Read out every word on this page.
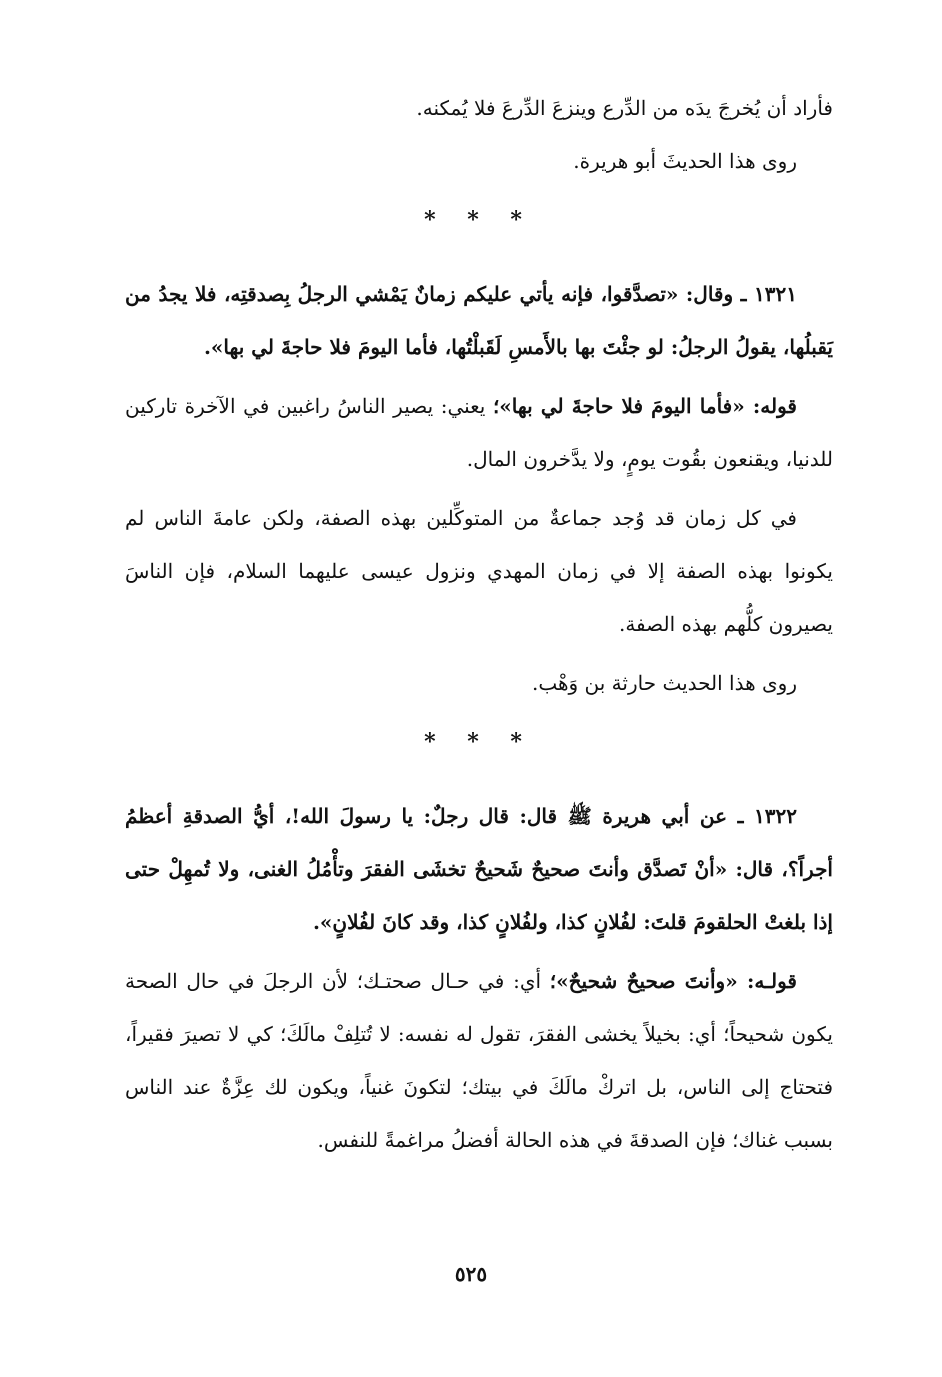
فأراد أن يُخرجَ يدَه من الدِّرع وينزعَ الدِّرعَ فلا يُمكنه.

روى هذا الحديثَ أبو هريرة.

* * *

١٣٢١ ـ وقال: «تصدَّقوا، فإنه يأتي عليكم زمانٌ يَمْشي الرجلُ بِصدقتِه، فلا يجدُ من يَقبلُها، يقولُ الرجلُ: لو جئْتَ بها بالأَمسِ لَقَبلْتُها، فأما اليومَ فلا حاجةَ لي بها».

قوله: «فأما اليومَ فلا حاجةَ لي بها»؛ يعني: يصير الناسُ راغبين في الآخرة تاركين للدنيا، ويقنعون بقُوت يومٍ، ولا يدَّخرون المال.

في كل زمان قد وُجد جماعةٌ من المتوكِّلين بهذه الصفة، ولكن عامةَ الناس لم يكونوا بهذه الصفة إلا في زمان المهدي ونزول عيسى عليهما السلام، فإن الناسَ يصيرون كلُّهم بهذه الصفة.

روى هذا الحديث حارثة بن وَهْب.

* * *

١٣٢٢ ـ عن أبي هريرة ﷺ قال: قال رجلٌ: يا رسولَ الله!، أيُّ الصدقةِ أعظمُ أجراً؟، قال: «أنْ تَصدَّق وأنتَ صحيحٌ شَحيحٌ تخشَى الفقرَ وتأْمُلُ الغنى، ولا تُمهِلْ حتى إذا بلغتْ الحلقومَ قلتَ: لفُلانٍ كذا، ولفُلانٍ كذا، وقد كانَ لفُلانٍ».

قولـه: «وأنتَ صحيحٌ شحيحٌ»؛ أي: في حـال صحتـك؛ لأن الرجلَ في حال الصحة يكون شحيحاً؛ أي: بخيلاً يخشى الفقرَ، تقول له نفسه: لا تُتلِفْ مالَكَ؛ كي لا تصيرَ فقيراً، فتحتاج إلى الناس، بل اتركْ مالَكَ في بيتك؛ لتكونَ غنياً، ويكون لك عِزَّةٌ عند الناس بسبب غناك؛ فإن الصدقةَ في هذه الحالة أفضلُ مراغمةً للنفس.

٥٢٥
